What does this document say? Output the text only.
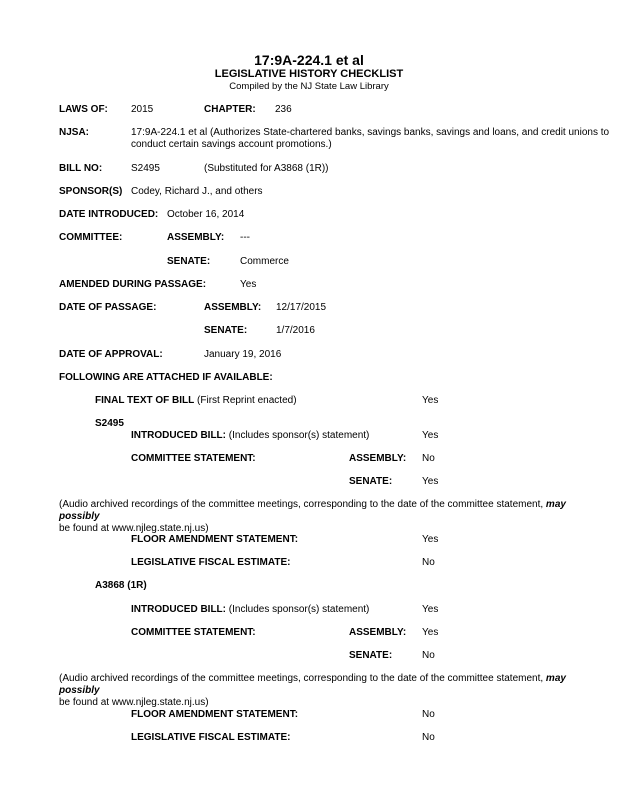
17:9A-224.1 et al
LEGISLATIVE HISTORY CHECKLIST
Compiled by the NJ State Law Library
LAWS OF: 2015	CHAPTER: 236
NJSA:	17:9A-224.1 et al (Authorizes State-chartered banks, savings banks, savings and loans, and credit unions to
conduct certain savings account promotions.)
BILL NO:	S2495	(Substituted for A3868 (1R))
SPONSOR(S) Codey, Richard J., and others
DATE INTRODUCED: October 16, 2014
COMMITTEE:	ASSEMBLY: ---
SENATE:	Commerce
AMENDED DURING PASSAGE:	Yes
DATE OF PASSAGE:	ASSEMBLY: 12/17/2015
SENATE:	1/7/2016
DATE OF APPROVAL:	January 19, 2016
FOLLOWING ARE ATTACHED IF AVAILABLE:
FINAL TEXT OF BILL (First Reprint enacted)	Yes
S2495
INTRODUCED BILL: (Includes sponsor(s) statement)	Yes
COMMITTEE STATEMENT:	ASSEMBLY: No
SENATE:	Yes
(Audio archived recordings of the committee meetings, corresponding to the date of the committee statement, may possibly
be found at www.njleg.state.nj.us)
FLOOR AMENDMENT STATEMENT:	Yes
LEGISLATIVE FISCAL ESTIMATE:	No
A3868 (1R)
INTRODUCED BILL: (Includes sponsor(s) statement)	Yes
COMMITTEE STATEMENT:	ASSEMBLY: Yes
SENATE:	No
(Audio archived recordings of the committee meetings, corresponding to the date of the committee statement, may possibly
be found at www.njleg.state.nj.us)
FLOOR AMENDMENT STATEMENT:	No
LEGISLATIVE FISCAL ESTIMATE:	No
